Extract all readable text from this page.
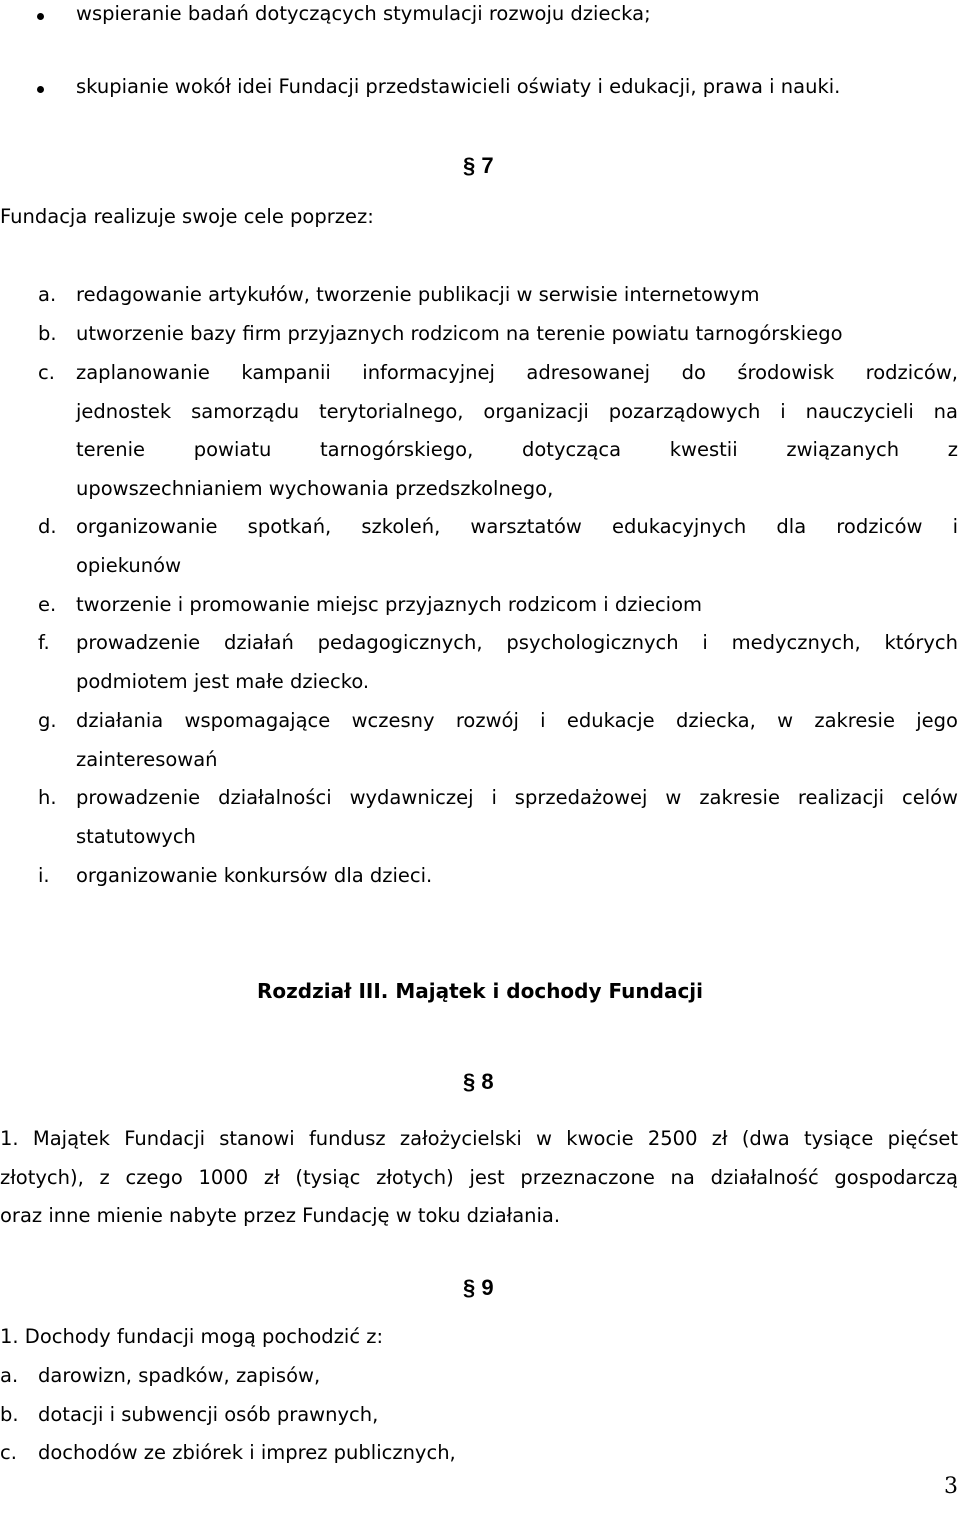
wspieranie badań dotyczących stymulacji rozwoju dziecka;
skupianie wokół idei Fundacji przedstawicieli oświaty i edukacji, prawa i nauki.
§ 7
Fundacja realizuje swoje cele poprzez:
a. redagowanie artykułów, tworzenie publikacji w serwisie internetowym
b. utworzenie bazy firm przyjaznych rodzicom na terenie powiatu tarnogórskiego
c. zaplanowanie kampanii informacyjnej adresowanej do środowisk rodziców,
jednostek samorządu terytorialnego, organizacji pozarządowych i nauczycieli na
terenie powiatu tarnogórskiego, dotycząca kwestii związanych z
upowszechnianiem wychowania przedszkolnego,
d. organizowanie spotkań, szkoleń, warsztatów edukacyjnych dla rodziców i
opiekunów
e. tworzenie i promowanie miejsc przyjaznych rodzicom i dzieciom
f. prowadzenie działań pedagogicznych, psychologicznych i medycznych, których
podmiotem jest małe dziecko.
g. działania wspomagające wczesny rozwój i edukacje dziecka, w zakresie jego
zainteresowań
h. prowadzenie działalności wydawniczej i sprzedażowej w zakresie realizacji celów
statutowych
i. organizowanie konkursów dla dzieci.
Rozdział III. Majątek i dochody Fundacji
§ 8
1. Majątek Fundacji stanowi fundusz założycielski w kwocie 2500 zł (dwa tysiące pięćset
złotych), z czego 1000 zł (tysiąc złotych) jest przeznaczone na działalność gospodarczą
oraz inne mienie nabyte przez Fundację w toku działania.
§ 9
1. Dochody fundacji mogą pochodzić z:
a. darowizn, spadków, zapisów,
b. dotacji i subwencji osób prawnych,
c. dochodów ze zbiórek i imprez publicznych,
3
